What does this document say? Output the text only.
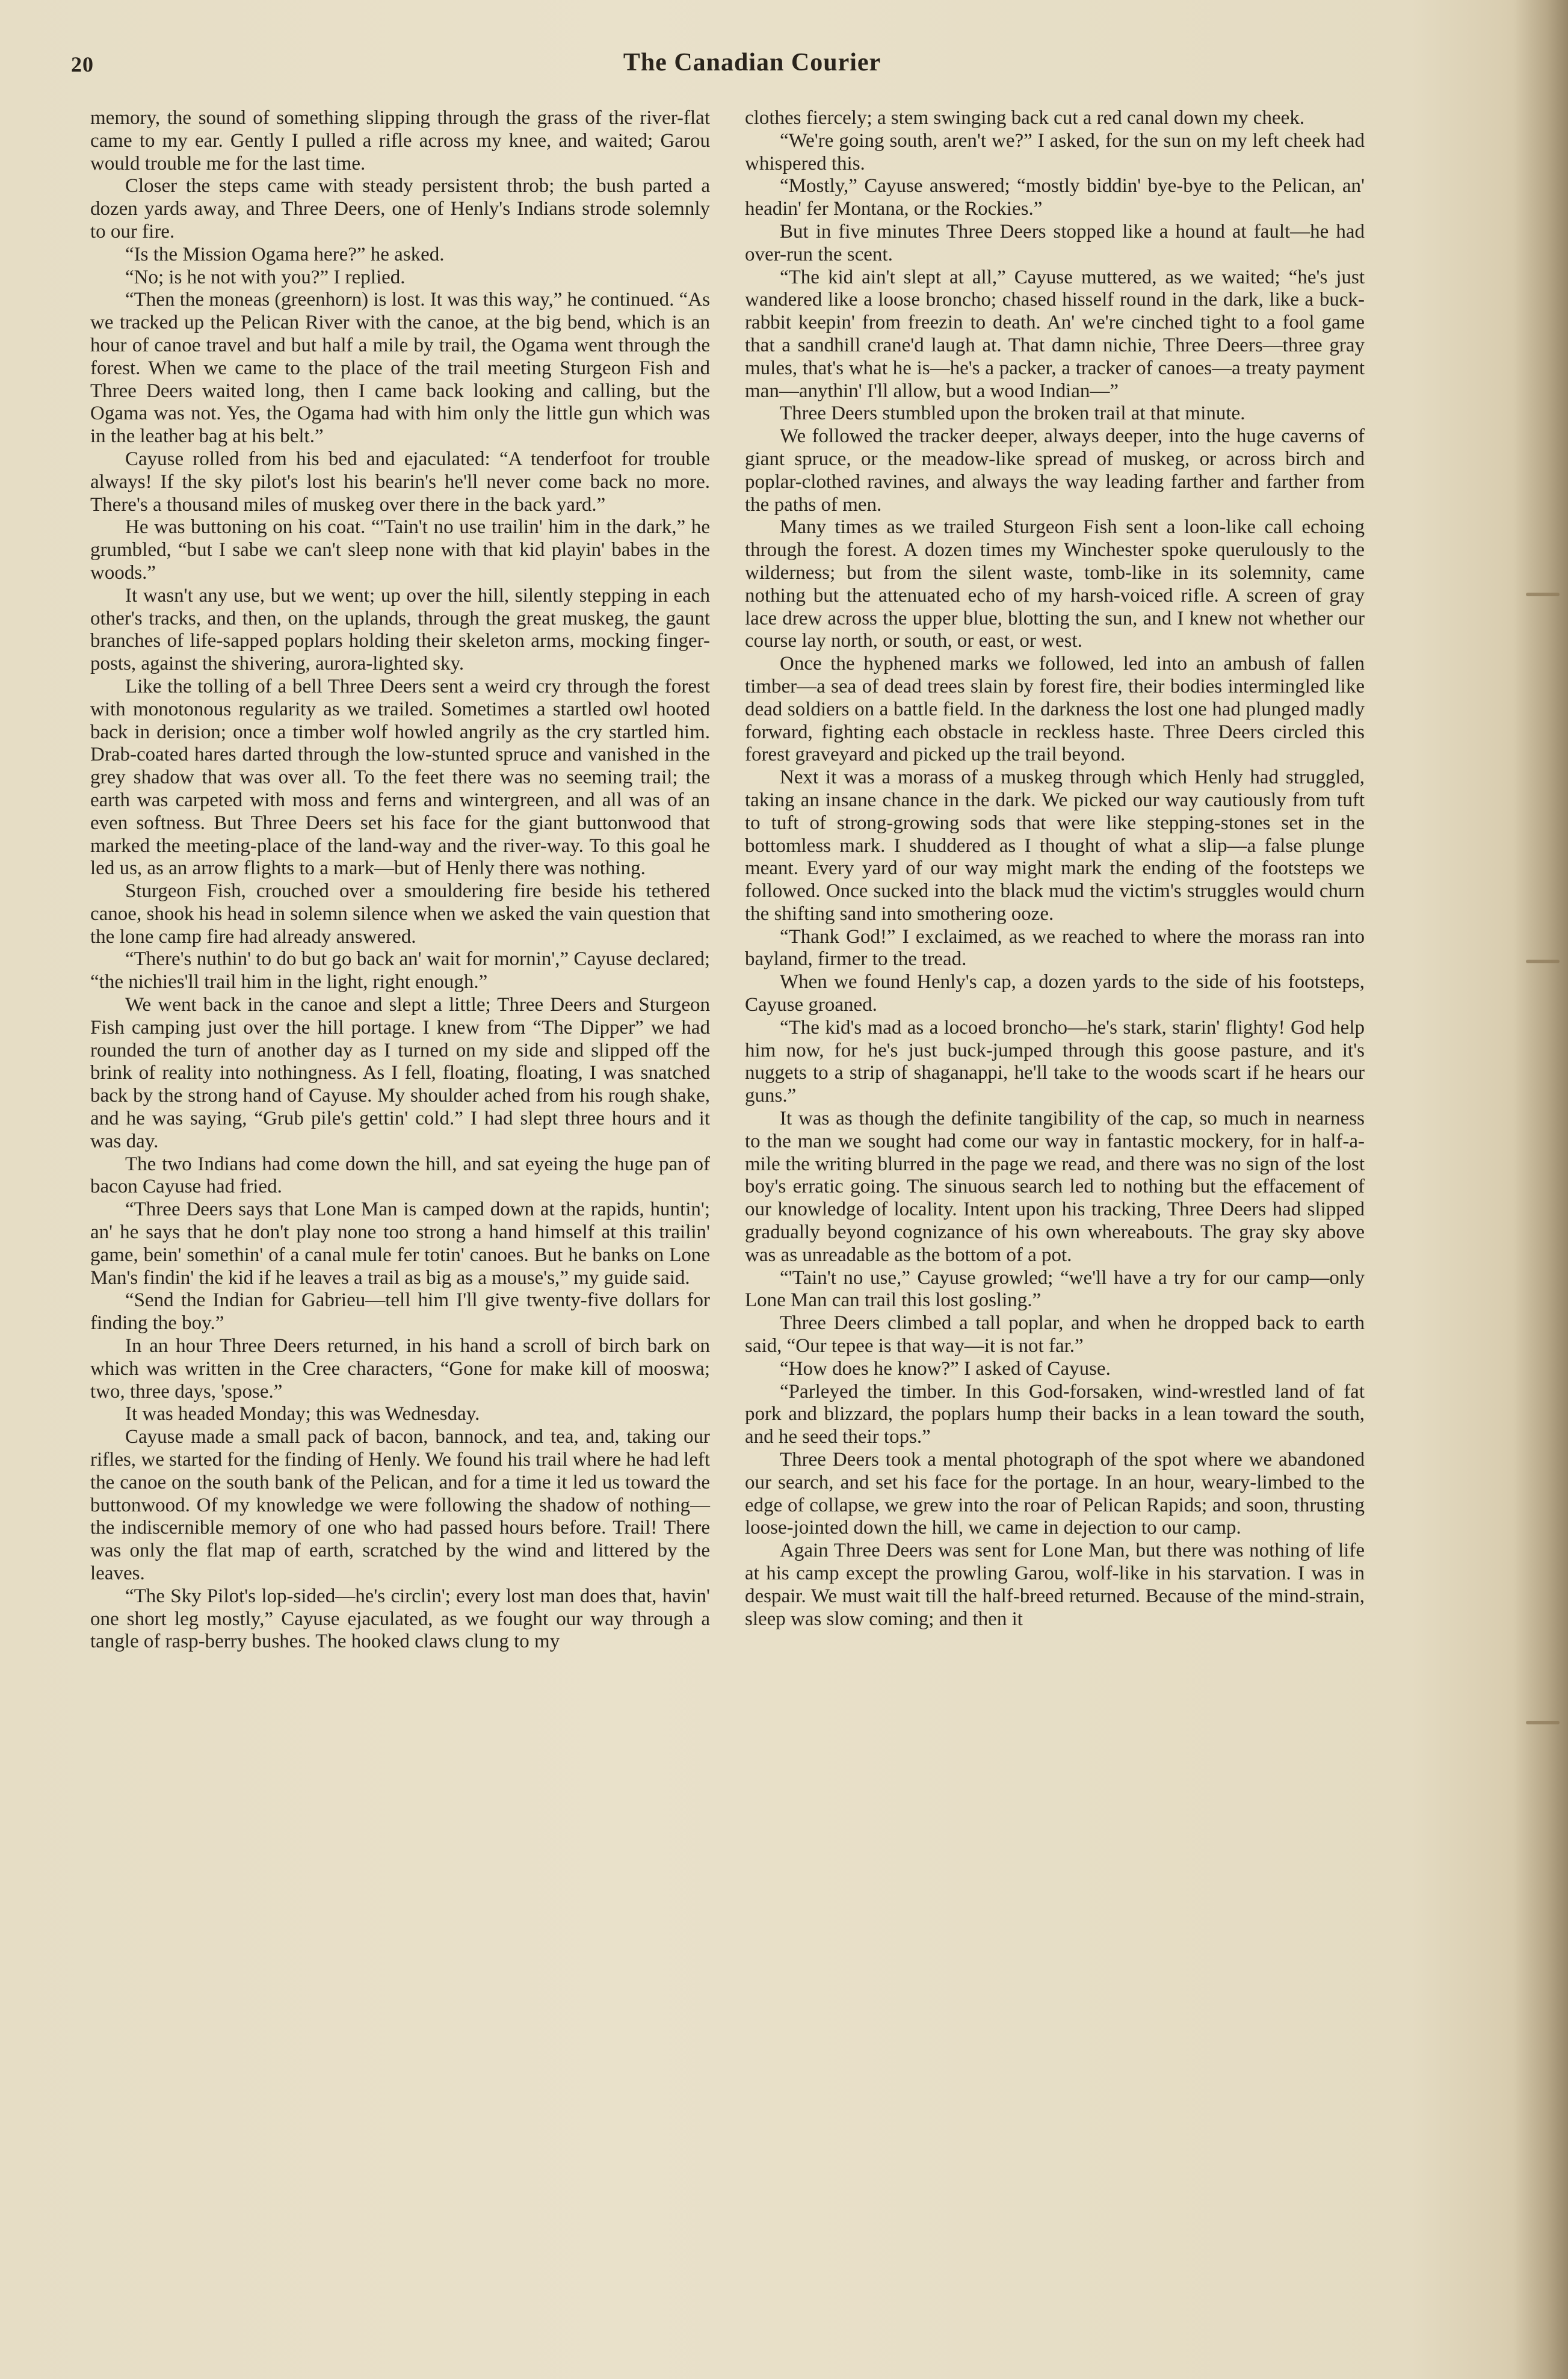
20	The Canadian Courier

memory, the sound of something slipping through the grass of the river-flat came to my ear. Gently I pulled a rifle across my knee, and waited; Garou would trouble me for the last time.

Closer the steps came with steady persistent throb; the bush parted a dozen yards away, and Three Deers, one of Henly's Indians strode solemnly to our fire.

“Is the Mission Ogama here?” he asked.

“No; is he not with you?” I replied.

“Then the moneas (greenhorn) is lost. It was this way,” he continued. “As we tracked up the Pelican River with the canoe, at the big bend, which is an hour of canoe travel and but half a mile by trail, the Ogama went through the forest. When we came to the place of the trail meeting Sturgeon Fish and Three Deers waited long, then I came back looking and calling, but the Ogama was not. Yes, the Ogama had with him only the little gun which was in the leather bag at his belt.”

Cayuse rolled from his bed and ejaculated: “A tenderfoot for trouble always! If the sky pilot's lost his bearin's he'll never come back no more. There's a thousand miles of muskeg over there in the back yard.”

He was buttoning on his coat. “'Tain't no use trailin' him in the dark,” he grumbled, “but I sabe we can't sleep none with that kid playin' babes in the woods.”

It wasn't any use, but we went; up over the hill, silently stepping in each other's tracks, and then, on the uplands, through the great muskeg, the gaunt branches of life-sapped poplars holding their skeleton arms, mocking finger-posts, against the shivering, aurora-lighted sky.

Like the tolling of a bell Three Deers sent a weird cry through the forest with monotonous regularity as we trailed. Sometimes a startled owl hooted back in derision; once a timber wolf howled angrily as the cry startled him. Drab-coated hares darted through the low-stunted spruce and vanished in the grey shadow that was over all. To the feet there was no seeming trail; the earth was carpeted with moss and ferns and wintergreen, and all was of an even softness. But Three Deers set his face for the giant buttonwood that marked the meeting-place of the land-way and the river-way. To this goal he led us, as an arrow flights to a mark—but of Henly there was nothing.

Sturgeon Fish, crouched over a smouldering fire beside his tethered canoe, shook his head in solemn silence when we asked the vain question that the lone camp fire had already answered.

“There's nuthin' to do but go back an' wait for mornin',” Cayuse declared; “the nichies'll trail him in the light, right enough.”

We went back in the canoe and slept a little; Three Deers and Sturgeon Fish camping just over the hill portage. I knew from “The Dipper” we had rounded the turn of another day as I turned on my side and slipped off the brink of reality into nothingness. As I fell, floating, floating, I was snatched back by the strong hand of Cayuse. My shoulder ached from his rough shake, and he was saying, “Grub pile's gettin' cold.” I had slept three hours and it was day.

The two Indians had come down the hill, and sat eyeing the huge pan of bacon Cayuse had fried.

“Three Deers says that Lone Man is camped down at the rapids, huntin'; an' he says that he don't play none too strong a hand himself at this trailin' game, bein' somethin' of a canal mule fer totin' canoes. But he banks on Lone Man's findin' the kid if he leaves a trail as big as a mouse's,” my guide said.

“Send the Indian for Gabrieu—tell him I'll give twenty-five dollars for finding the boy.”

In an hour Three Deers returned, in his hand a scroll of birch bark on which was written in the Cree characters, “Gone for make kill of mooswa; two, three days, 'spose.”

It was headed Monday; this was Wednesday.

Cayuse made a small pack of bacon, bannock, and tea, and, taking our rifles, we started for the finding of Henly. We found his trail where he had left the canoe on the south bank of the Pelican, and for a time it led us toward the buttonwood. Of my knowledge we were following the shadow of nothing—the indiscernible memory of one who had passed hours before. Trail! There was only the flat map of earth, scratched by the wind and littered by the leaves.

“The Sky Pilot's lop-sided—he's circlin'; every lost man does that, havin' one short leg mostly,” Cayuse ejaculated, as we fought our way through a tangle of rasp-berry bushes. The hooked claws clung to my

clothes fiercely; a stem swinging back cut a red canal down my cheek.

“We're going south, aren't we?” I asked, for the sun on my left cheek had whispered this.

“Mostly,” Cayuse answered; “mostly biddin' bye-bye to the Pelican, an' headin' fer Montana, or the Rockies.”

But in five minutes Three Deers stopped like a hound at fault—he had over-run the scent.

“The kid ain't slept at all,” Cayuse muttered, as we waited; “he's just wandered like a loose broncho; chased hisself round in the dark, like a buck-rabbit keepin' from freezin to death. An' we're cinched tight to a fool game that a sandhill crane'd laugh at. That damn nichie, Three Deers—three gray mules, that's what he is—he's a packer, a tracker of canoes—a treaty payment man—anythin' I'll allow, but a wood Indian—”

Three Deers stumbled upon the broken trail at that minute.

We followed the tracker deeper, always deeper, into the huge caverns of giant spruce, or the meadow-like spread of muskeg, or across birch and poplar-clothed ravines, and always the way leading farther and farther from the paths of men.

Many times as we trailed Sturgeon Fish sent a loon-like call echoing through the forest. A dozen times my Winchester spoke querulously to the wilderness; but from the silent waste, tomb-like in its solemnity, came nothing but the attenuated echo of my harsh-voiced rifle. A screen of gray lace drew across the upper blue, blotting the sun, and I knew not whether our course lay north, or south, or east, or west.

Once the hyphened marks we followed, led into an ambush of fallen timber—a sea of dead trees slain by forest fire, their bodies intermingled like dead soldiers on a battle field. In the darkness the lost one had plunged madly forward, fighting each obstacle in reckless haste. Three Deers circled this forest graveyard and picked up the trail beyond.

Next it was a morass of a muskeg through which Henly had struggled, taking an insane chance in the dark. We picked our way cautiously from tuft to tuft of strong-growing sods that were like stepping-stones set in the bottomless mark. I shuddered as I thought of what a slip—a false plunge meant. Every yard of our way might mark the ending of the footsteps we followed. Once sucked into the black mud the victim's struggles would churn the shifting sand into smothering ooze.

“Thank God!” I exclaimed, as we reached to where the morass ran into bayland, firmer to the tread.

When we found Henly's cap, a dozen yards to the side of his footsteps, Cayuse groaned.

“The kid's mad as a locoed broncho—he's stark, starin' flighty! God help him now, for he's just buck-jumped through this goose pasture, and it's nuggets to a strip of shaganappi, he'll take to the woods scart if he hears our guns.”

It was as though the definite tangibility of the cap, so much in nearness to the man we sought had come our way in fantastic mockery, for in half-a-mile the writing blurred in the page we read, and there was no sign of the lost boy's erratic going. The sinuous search led to nothing but the effacement of our knowledge of locality. Intent upon his tracking, Three Deers had slipped gradually beyond cognizance of his own whereabouts. The gray sky above was as unreadable as the bottom of a pot.

“'Tain't no use,” Cayuse growled; “we'll have a try for our camp—only Lone Man can trail this lost gosling.”

Three Deers climbed a tall poplar, and when he dropped back to earth said, “Our tepee is that way—it is not far.”

“How does he know?” I asked of Cayuse.

“Parleyed the timber. In this God-forsaken, wind-wrestled land of fat pork and blizzard, the poplars hump their backs in a lean toward the south, and he seed their tops.”

Three Deers took a mental photograph of the spot where we abandoned our search, and set his face for the portage. In an hour, weary-limbed to the edge of collapse, we grew into the roar of Pelican Rapids; and soon, thrusting loose-jointed down the hill, we came in dejection to our camp.

Again Three Deers was sent for Lone Man, but there was nothing of life at his camp except the prowling Garou, wolf-like in his starvation. I was in despair. We must wait till the half-breed returned. Because of the mind-strain, sleep was slow coming; and then it
